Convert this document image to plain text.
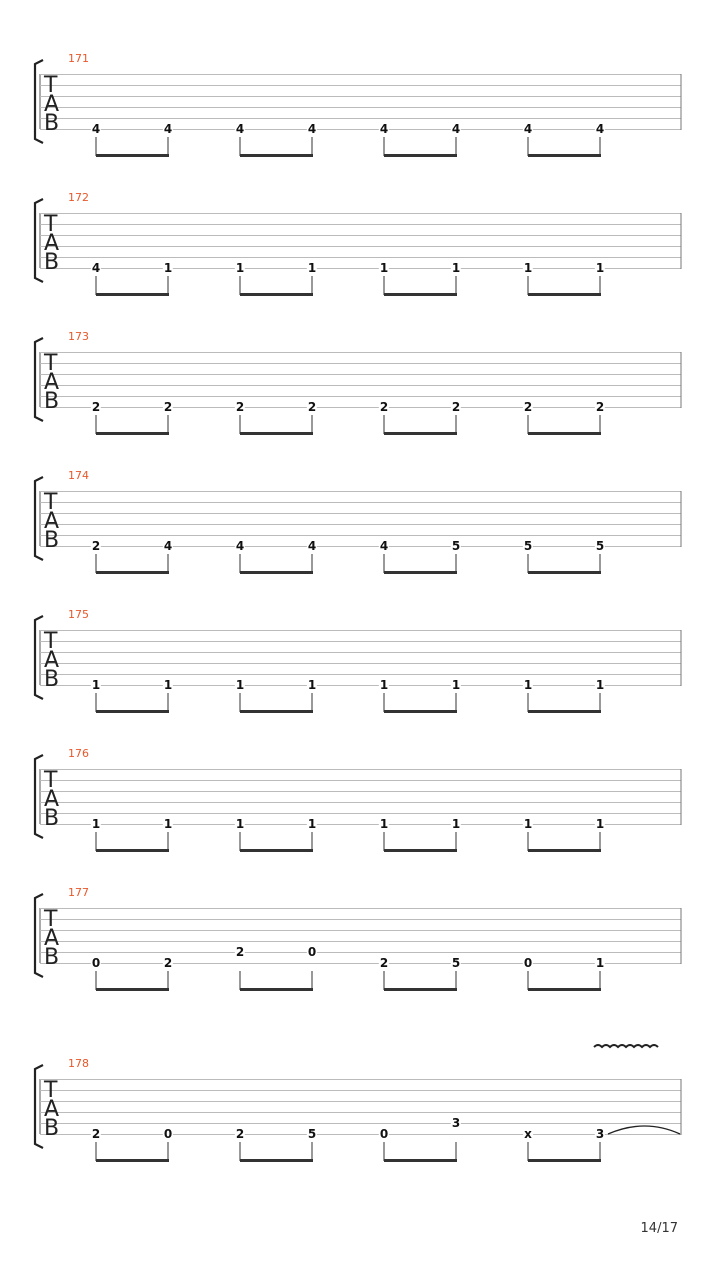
171
T
A
B	4	4	4	4	4	4	4	4
172
T
A
B	4	1	1	1	1	1	1	1
173
T
A
B	2	2	2	2	2	2	2	2
174
T
A
B	2	4	4	4	4	5	5	5
175
T
A
B	1	1	1	1	1	1	1	1
176
T
A
B	1	1	1	1	1	1	1	1
177
T
A
B	0	2
2	0
2	5	0	1
178
T
A
B	2	0	2	5	0
3
x	3
14/17
